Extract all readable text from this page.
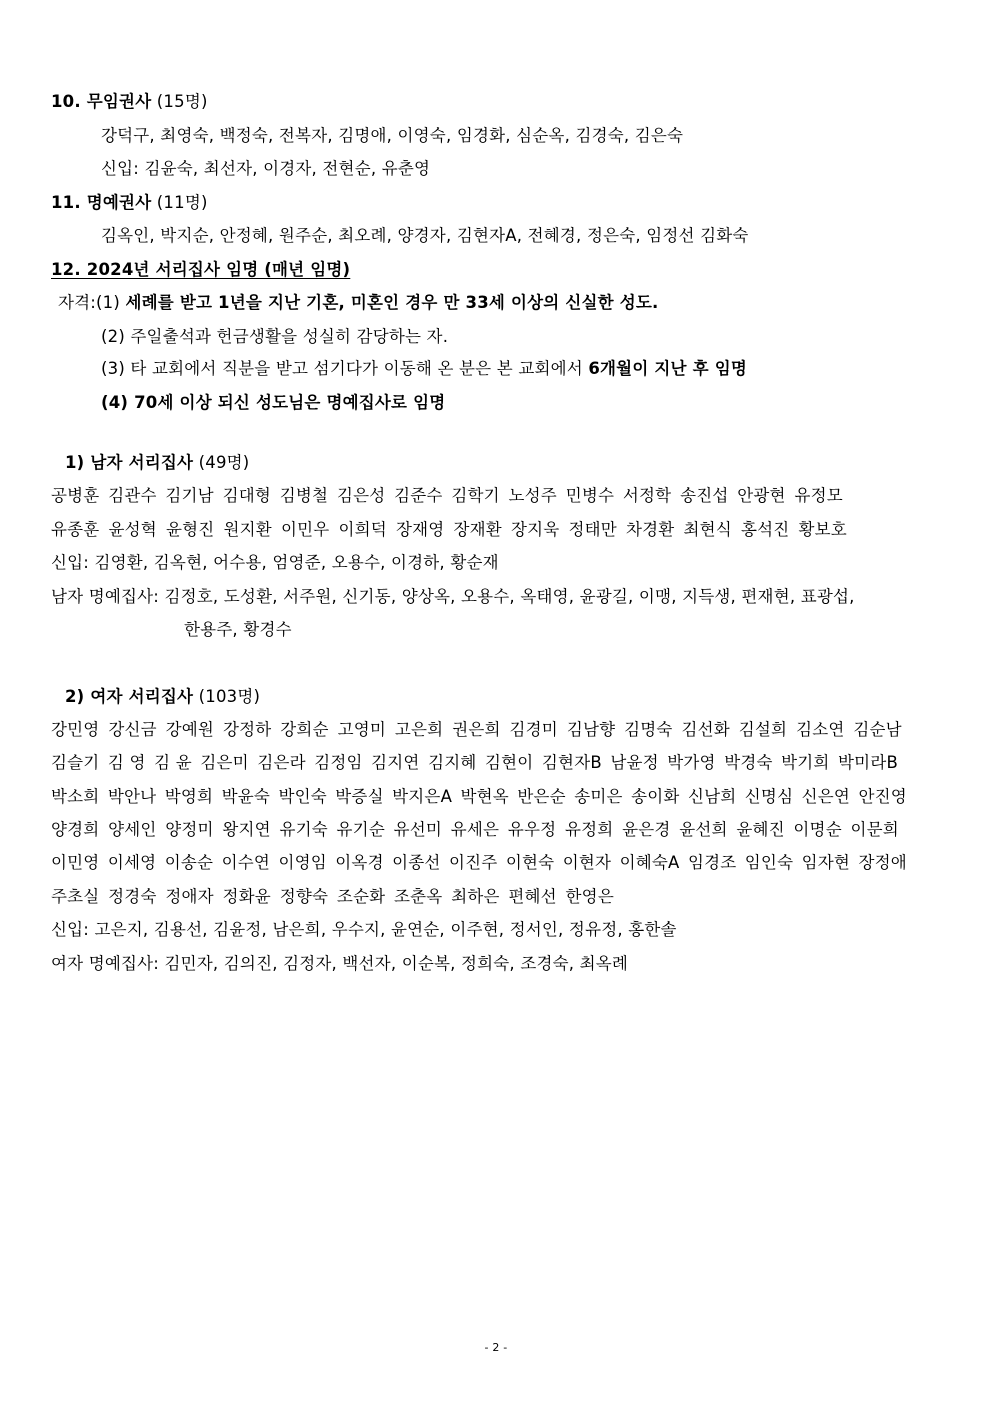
10. 무임권사 (15명)
강덕구, 최영숙, 백정숙, 전복자, 김명애, 이영숙, 임경화, 심순옥, 김경숙, 김은숙
신입: 김윤숙, 최선자, 이경자, 전현순, 유춘영
11. 명예권사 (11명)
김옥인, 박지순, 안정혜, 원주순, 최오례, 양경자, 김현자A, 전혜경, 정은숙, 임정선 김화숙
12. 2024년 서리집사 임명 (매년 임명)
자격:(1) 세례를 받고 1년을 지난 기혼, 미혼인 경우 만 33세 이상의 신실한 성도.
(2) 주일출석과 헌금생활을 성실히 감당하는 자.
(3) 타 교회에서 직분을 받고 섬기다가 이동해 온 분은 본 교회에서 6개월이 지난 후 임명
(4) 70세 이상 되신 성도님은 명예집사로 임명
1) 남자 서리집사 (49명)
공병훈 김관수 김기남 김대형 김병철 김은성 김준수 김학기 노성주 민병수 서정학 송진섭 안광현 유정모
유종훈 윤성혁 윤형진 원지환 이민우 이희덕 장재영 장재환 장지욱 정태만 차경환 최현식 홍석진 황보호
신입: 김영환, 김옥현, 어수용, 엄영준, 오용수, 이경하, 황순재
남자 명예집사: 김정호, 도성환, 서주원, 신기동, 양상옥, 오용수, 옥태영, 윤광길, 이맹, 지득생, 편재현, 표광섭,
한용주, 황경수
2) 여자 서리집사 (103명)
강민영 강신금 강예원 강정하 강희순 고영미 고은희 권은희 김경미 김남향 김명숙 김선화 김설희 김소연 김순남
김슬기 김 영 김 윤 김은미 김은라 김정임 김지연 김지혜 김현이 김현자B 남윤정 박가영 박경숙 박기희 박미라B
박소희 박안나 박영희 박윤숙 박인숙 박증실 박지은A 박현옥 반은순 송미은 송이화 신남희 신명심 신은연 안진영
양경희 양세인 양정미 왕지연 유기숙 유기순 유선미 유세은 유우정 유정희 윤은경 윤선희 윤혜진 이명순 이문희
이민영 이세영 이송순 이수연 이영임 이옥경 이종선 이진주 이현숙 이현자 이혜숙A 임경조 임인숙 임자현 장정애
주초실 정경숙 정애자 정화윤 정향숙 조순화 조춘옥 최하은 편혜선 한영은
신입: 고은지, 김용선, 김윤정, 남은희, 우수지, 윤연순, 이주현, 정서인, 정유정, 홍한솔
여자 명예집사: 김민자, 김의진, 김정자, 백선자, 이순복, 정희숙, 조경숙, 최옥례
- 2 -
